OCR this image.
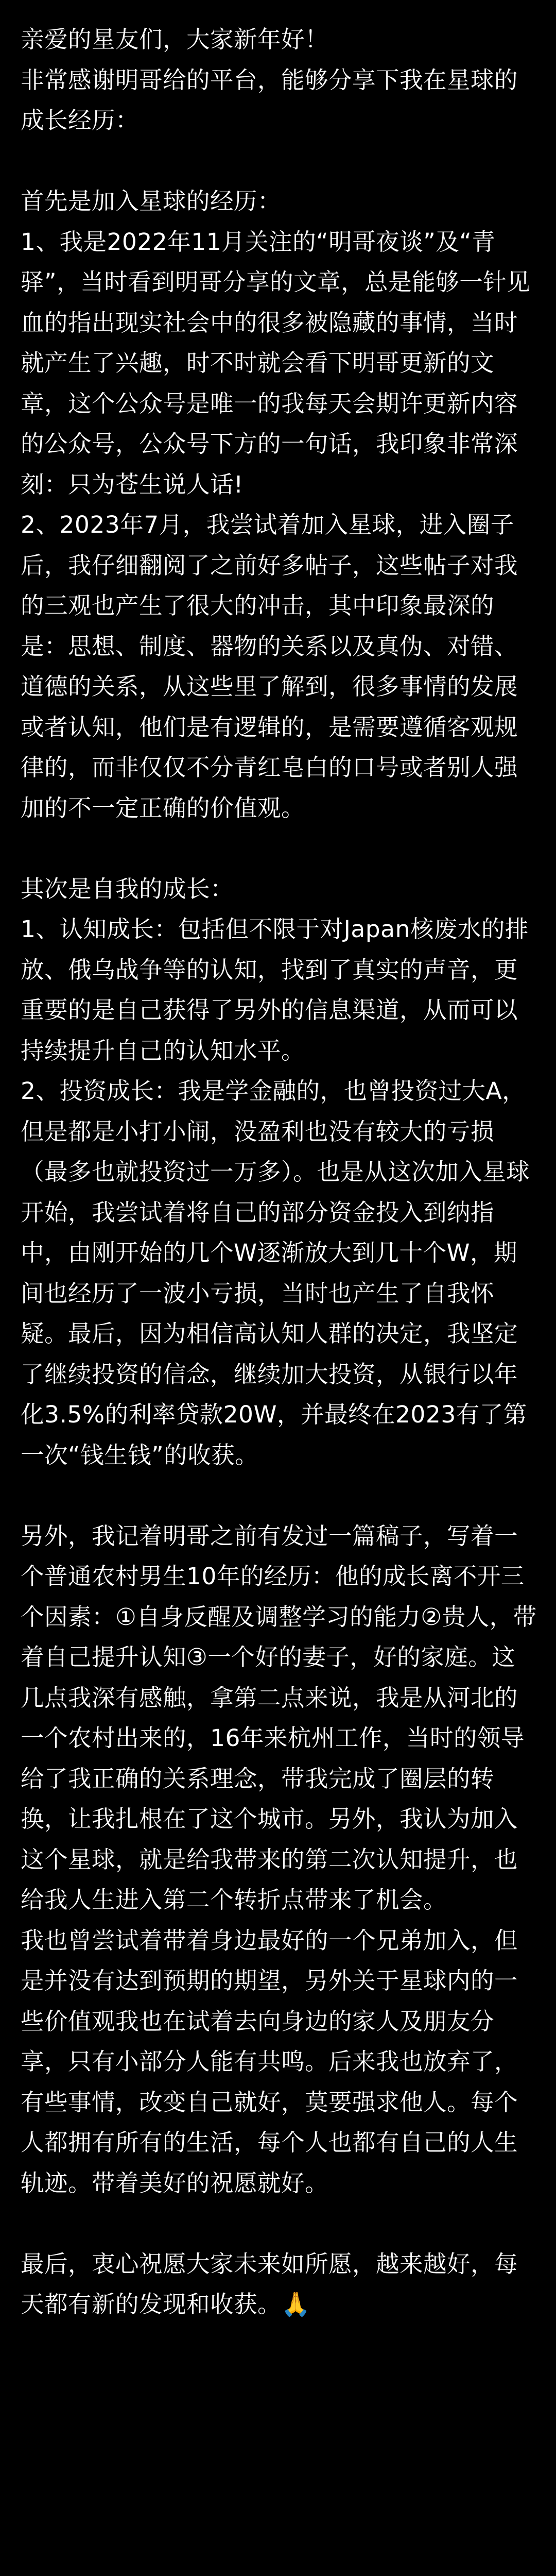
亲爱的星友们，大家新年好！

非常感谢明哥给的平台，能够分享下我在星球的成长经历：

首先是加入星球的经历：

1、我是2022年11月关注的“明哥夜谈”及“青驿”，当时看到明哥分享的文章，总是能够一针见血的指出现实社会中的很多被隐藏的事情，当时就产生了兴趣，时不时就会看下明哥更新的文章，这个公众号是唯一的我每天会期许更新内容的公众号，公众号下方的一句话，我印象非常深刻：只为苍生说人话!

2、2023年7月，我尝试着加入星球，进入圈子后，我仔细翻阅了之前好多帖子，这些帖子对我的三观也产生了很大的冲击，其中印象最深的是：思想、制度、器物的关系以及真伪、对错、道德的关系，从这些里了解到，很多事情的发展或者认知，他们是有逻辑的，是需要遵循客观规律的，而非仅仅不分青红皂白的口号或者别人强加的不一定正确的价值观。

其次是自我的成长：

1、认知成长：包括但不限于对Japan核废水的排放、俄乌战争等的认知，找到了真实的声音，更重要的是自己获得了另外的信息渠道，从而可以持续提升自己的认知水平。

2、投资成长：我是学金融的，也曾投资过大A，但是都是小打小闹，没盈利也没有较大的亏损（最多也就投资过一万多）。也是从这次加入星球开始，我尝试着将自己的部分资金投入到纳指中，由刚开始的几个W逐渐放大到几十个W，期间也经历了一波小亏损，当时也产生了自我怀疑。最后，因为相信高认知人群的决定，我坚定了继续投资的信念，继续加大投资，从银行以年化3.5%的利率贷款20W，并最终在2023有了第一次“钱生钱”的收获。

另外，我记着明哥之前有发过一篇稿子，写着一个普通农村男生10年的经历：他的成长离不开三个因素：①自身反醒及调整学习的能力②贵人，带着自己提升认知③一个好的妻子，好的家庭。这几点我深有感触，拿第二点来说，我是从河北的一个农村出来的，16年来杭州工作，当时的领导给了我正确的关系理念，带我完成了圈层的转换，让我扎根在了这个城市。另外，我认为加入这个星球，就是给我带来的第二次认知提升，也给我人生进入第二个转折点带来了机会。

我也曾尝试着带着身边最好的一个兄弟加入，但是并没有达到预期的期望，另外关于星球内的一些价值观我也在试着去向身边的家人及朋友分享，只有小部分人能有共鸣。后来我也放弃了，有些事情，改变自己就好，莫要强求他人。每个人都拥有所有的生活，每个人也都有自己的人生轨迹。带着美好的祝愿就好。

最后，衷心祝愿大家未来如所愿，越来越好，每天都有新的发现和收获。🙏
